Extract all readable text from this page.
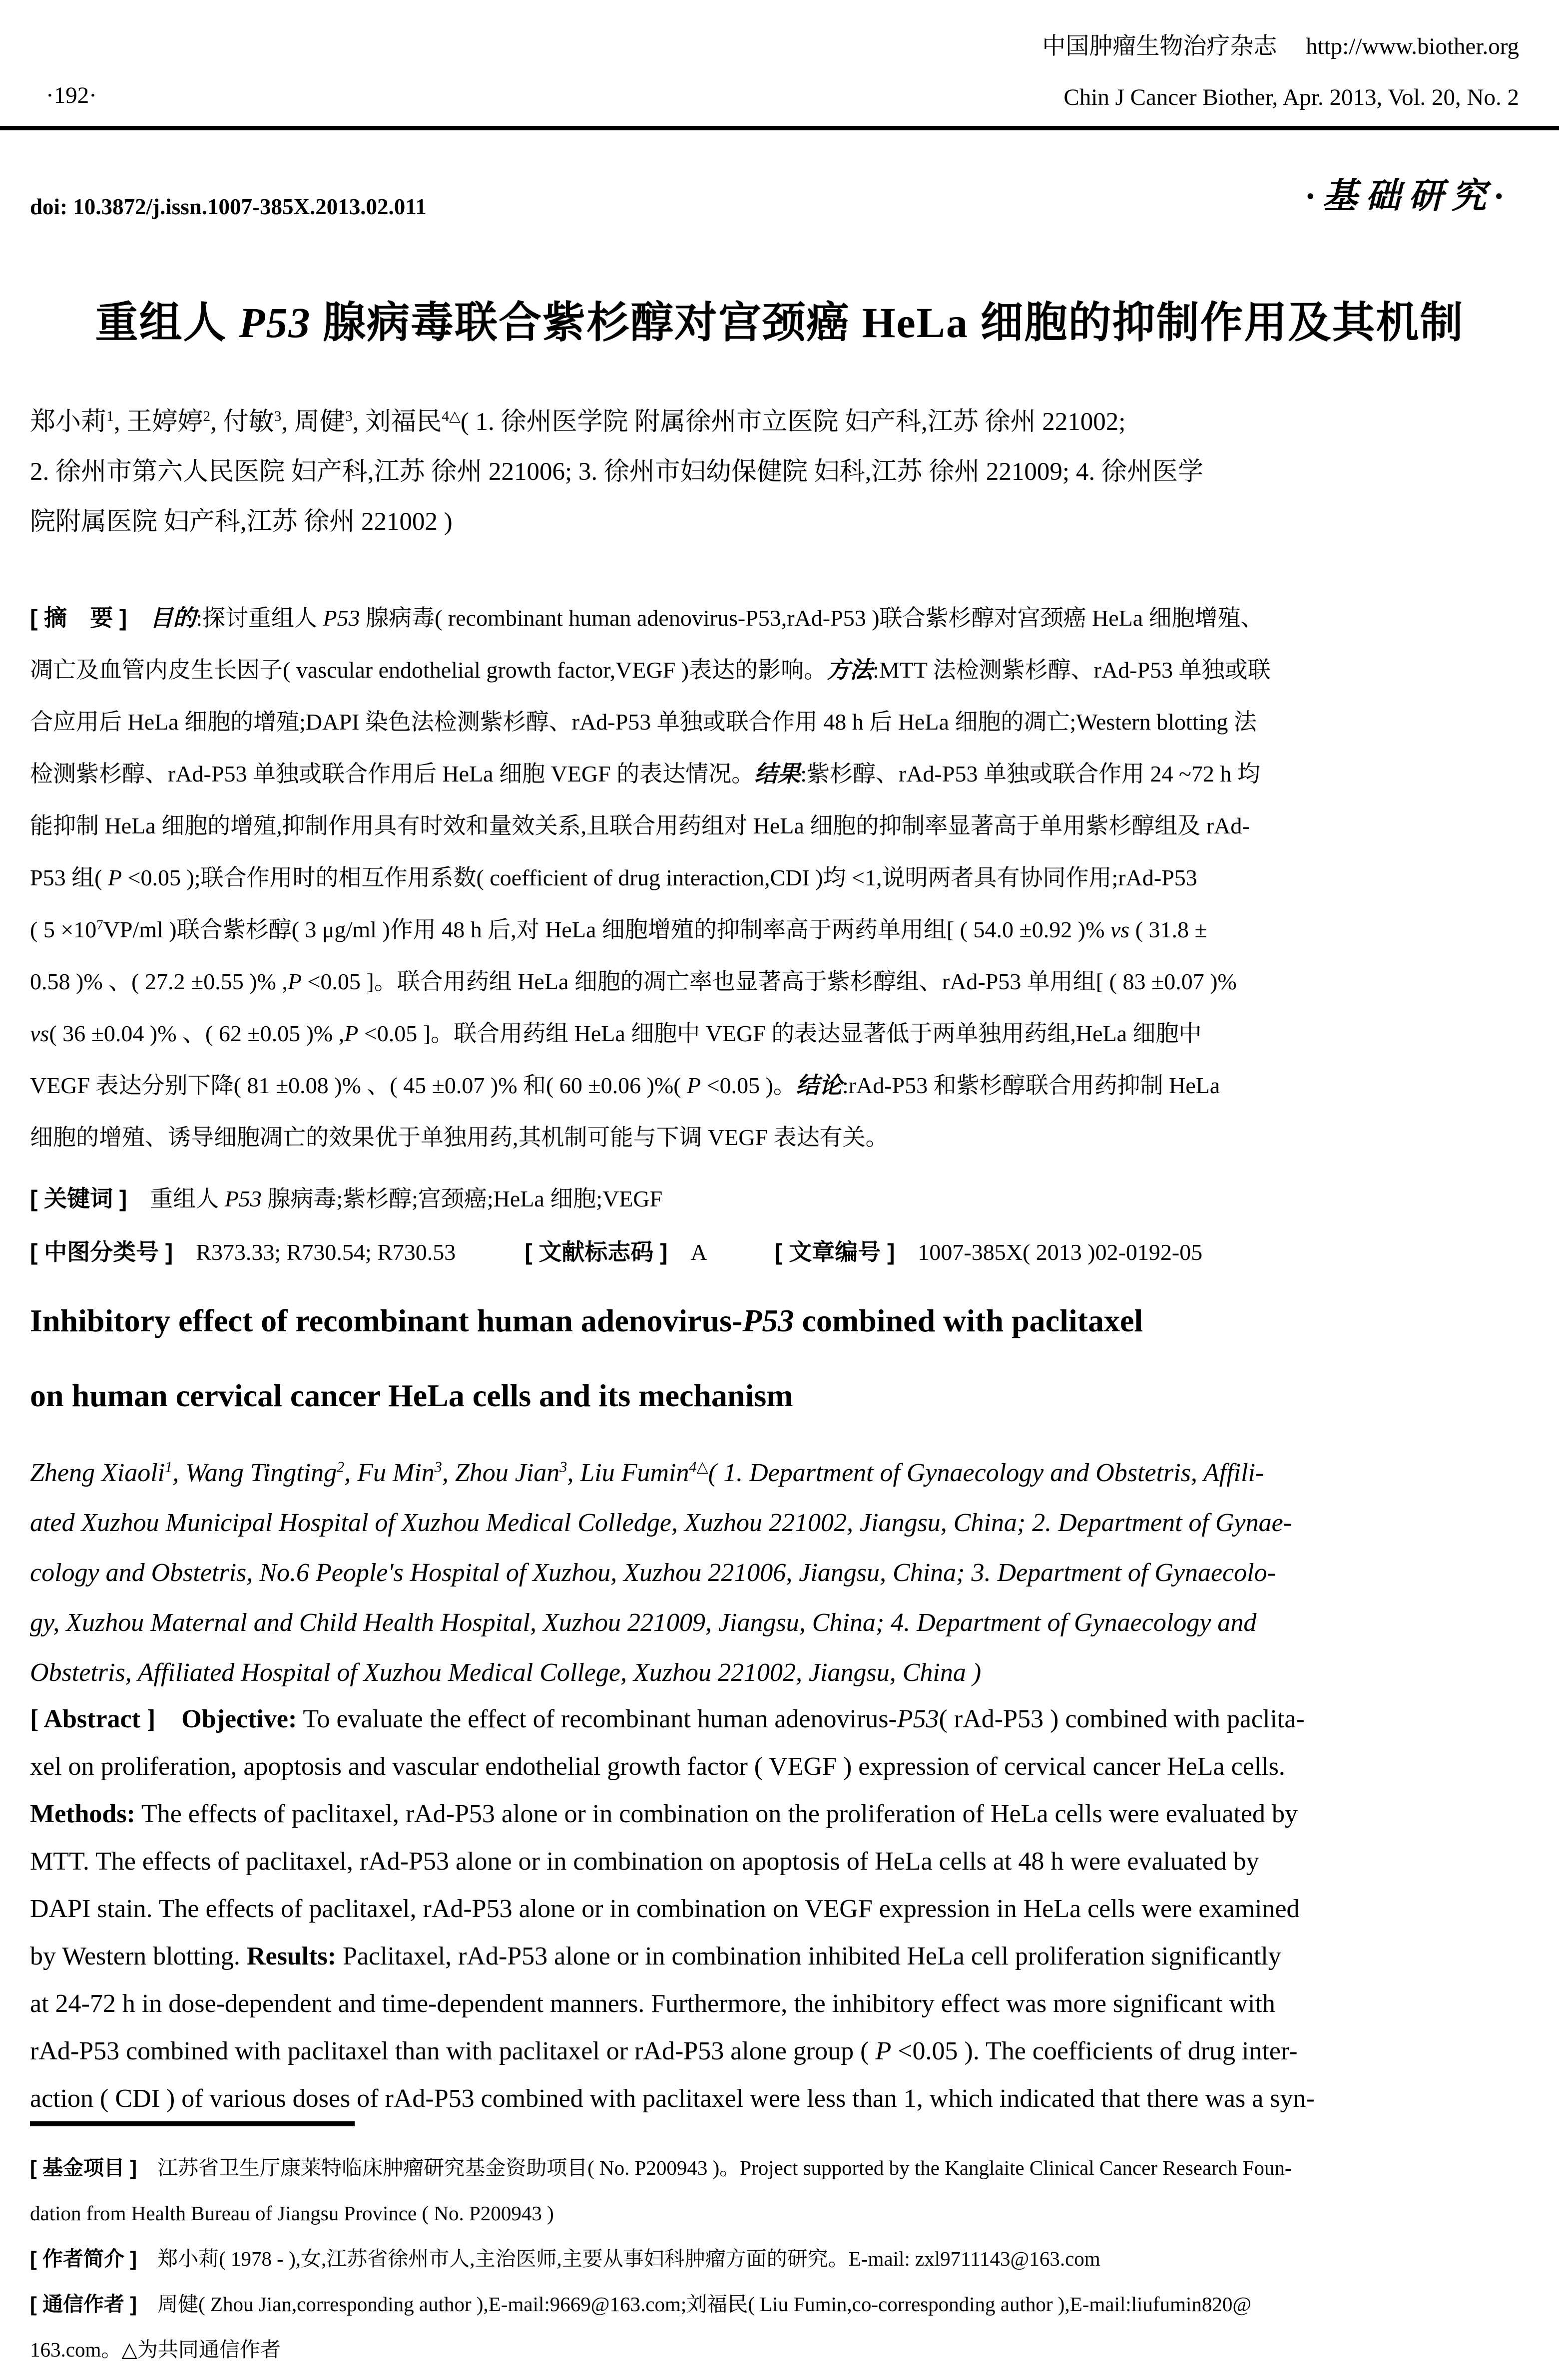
中国肿瘤生物治疗杂志 http://www.biother.org
Chin J Cancer Biother, Apr. 2013, Vol. 20, No. 2
·192·
doi: 10.3872/j.issn.1007-385X.2013.02.011	·基础研究·
重组人 P53 腺病毒联合紫杉醇对宫颈癌 HeLa 细胞的抑制作用及其机制
郑小莉$^1$, 王婷婷$^2$, 付敏$^3$, 周健$^3$, 刘福民$^{4\triangle}$( 1. 徐州医学院 附属徐州市立医院 妇产科,江苏 徐州 221002;
2. 徐州市第六人民医院 妇产科,江苏 徐州 221006; 3. 徐州市妇幼保健院 妇科,江苏 徐州 221009; 4. 徐州医学
院附属医院 妇产科,江苏 徐州 221002 )
[ 摘　要 ]　目的:探讨重组人 P53 腺病毒( recombinant human adenovirus-P53,rAd-P53 )联合紫杉醇对宫颈癌 HeLa 细胞增殖、
凋亡及血管内皮生长因子( vascular endothelial growth factor,VEGF )表达的影响。方法:MTT 法检测紫杉醇、rAd-P53 单独或联
合应用后 HeLa 细胞的增殖;DAPI 染色法检测紫杉醇、rAd-P53 单独或联合作用 48 h 后 HeLa 细胞的凋亡;Western blotting 法
检测紫杉醇、rAd-P53 单独或联合作用后 HeLa 细胞 VEGF 的表达情况。结果:紫杉醇、rAd-P53 单独或联合作用 24 ~72 h 均
能抑制 HeLa 细胞的增殖,抑制作用具有时效和量效关系,且联合用药组对 HeLa 细胞的抑制率显著高于单用紫杉醇组及 rAd-
P53 组( P <0.05 );联合作用时的相互作用系数( coefficient of drug interaction,CDI )均 <1,说明两者具有协同作用;rAd-P53
( $5 \times 10^7VP/ml$ )联合紫杉醇( 3 μg/ml )作用 48 h 后,对 HeLa 细胞增殖的抑制率高于两药单用组[ ( 54.0 ±0.92 )% vs ( 31.8 ±
0.58 )% 、( 27.2 ±0.55 )% ,P <0.05 ]。联合用药组 HeLa 细胞的凋亡率也显著高于紫杉醇组、rAd-P53 单用组[ ( 83 ±0.07 )%
vs( 36 ±0.04 )% 、( 62 ±0.05 )% ,P <0.05 ]。联合用药组 HeLa 细胞中 VEGF 的表达显著低于两单独用药组,HeLa 细胞中
VEGF 表达分别下降( 81 ±0.08 )% 、( 45 ±0.07 )% 和( 60 ±0.06 )%( P <0.05 )。结论:rAd-P53 和紫杉醇联合用药抑制 HeLa
细胞的增殖、诱导细胞凋亡的效果优于单独用药,其机制可能与下调 VEGF 表达有关。
[ 关键词 ]　重组人 P53 腺病毒;紫杉醇;宫颈癌;HeLa 细胞;VEGF
[ 中图分类号 ]　R373.33; R730.54; R730.53　　　[ 文献标志码 ]　A　　　[ 文章编号 ]　1007-385X( 2013 )02-0192-05
Inhibitory effect of recombinant human adenovirus-P53 combined with paclitaxel
on human cervical cancer HeLa cells and its mechanism
Zheng Xiaoli$^1$, Wang Tingting$^2$, Fu Min$^3$, Zhou Jian$^3$, Liu Fumin$^{4\triangle}$( 1. Department of Gynaecology and Obstetris, Affili-
ated Xuzhou Municipal Hospital of Xuzhou Medical Colledge, Xuzhou 221002, Jiangsu, China; 2. Department of Gynae-
cology and Obstetris, No.6 People's Hospital of Xuzhou, Xuzhou 221006, Jiangsu, China; 3. Department of Gynaecolo-
gy, Xuzhou Maternal and Child Health Hospital, Xuzhou 221009, Jiangsu, China; 4. Department of Gynaecology and
Obstetris, Affiliated Hospital of Xuzhou Medical College, Xuzhou 221002, Jiangsu, China )
[ Abstract ]　Objective: To evaluate the effect of recombinant human adenovirus-P53( rAd-P53 ) combined with paclita-
xel on proliferation, apoptosis and vascular endothelial growth factor ( VEGF ) expression of cervical cancer HeLa cells.
Methods: The effects of paclitaxel, rAd-P53 alone or in combination on the proliferation of HeLa cells were evaluated by
MTT. The effects of paclitaxel, rAd-P53 alone or in combination on apoptosis of HeLa cells at 48 h were evaluated by
DAPI stain. The effects of paclitaxel, rAd-P53 alone or in combination on VEGF expression in HeLa cells were examined
by Western blotting. Results: Paclitaxel, rAd-P53 alone or in combination inhibited HeLa cell proliferation significantly
at 24-72 h in dose-dependent and time-dependent manners. Furthermore, the inhibitory effect was more significant with
rAd-P53 combined with paclitaxel than with paclitaxel or rAd-P53 alone group ( P <0.05 ). The coefficients of drug inter-
action ( CDI ) of various doses of rAd-P53 combined with paclitaxel were less than 1, which indicated that there was a syn-
[ 基金项目 ]　江苏省卫生厅康莱特临床肿瘤研究基金资助项目( No. P200943 )。Project supported by the Kanglaite Clinical Cancer Research Foun-
dation from Health Bureau of Jiangsu Province ( No. P200943 )
[ 作者简介 ]　郑小莉( 1978 - ),女,江苏省徐州市人,主治医师,主要从事妇科肿瘤方面的研究。E-mail: zxl9711143@163.com
[ 通信作者 ]　周健( Zhou Jian,corresponding author ),E-mail:9669@163.com;刘福民( Liu Fumin,co-corresponding author ),E-mail:liufumin820@
163.com。△为共同通信作者
